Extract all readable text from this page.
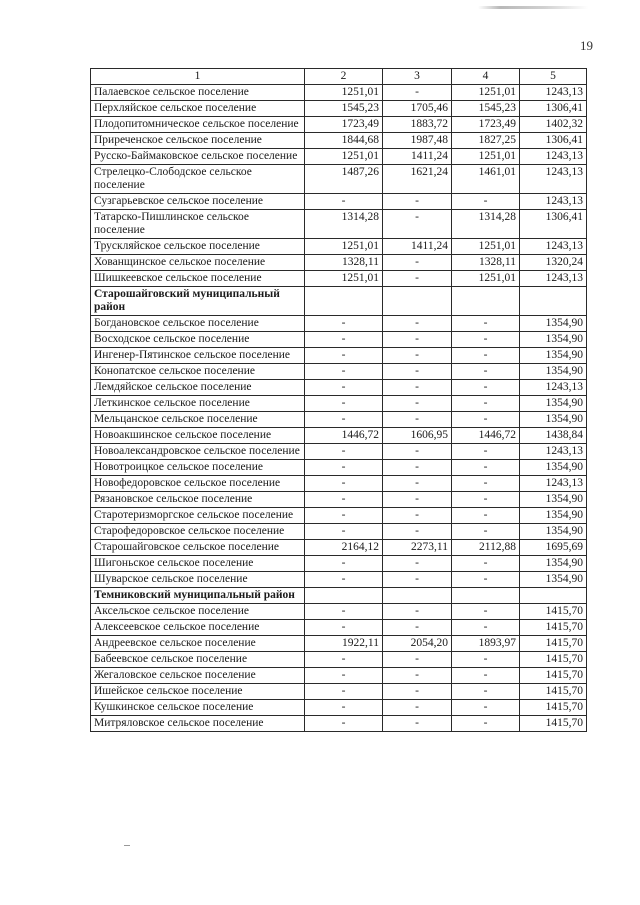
19
1	2	3	4	5
Палаевское сельское поселение	1251,01	-	1251,01	1243,13
Перхляйское сельское поселение	1545,23	1705,46	1545,23	1306,41
Плодопитомническое сельское поселение	1723,49	1883,72	1723,49	1402,32
Приреченское сельское поселение	1844,68	1987,48	1827,25	1306,41
Русско-Баймаковское сельское поселение	1251,01	1411,24	1251,01	1243,13
Стрелецко-Слободское сельское поселение	1487,26	1621,24	1461,01	1243,13
Сузгарьевское сельское поселение	-	-	-	1243,13
Татарско-Пишлинское сельское поселение	1314,28	-	1314,28	1306,41
Трускляйское сельское поселение	1251,01	1411,24	1251,01	1243,13
Хованщинское сельское поселение	1328,11	-	1328,11	1320,24
Шишкеевское сельское поселение	1251,01	-	1251,01	1243,13
Старошайговский муниципальный район				
Богдановское сельское поселение	-	-	-	1354,90
Восходское сельское поселение	-	-	-	1354,90
Ингенер-Пятинское сельское поселение	-	-	-	1354,90
Конопатское сельское поселение	-	-	-	1354,90
Лемдяйское сельское поселение	-	-	-	1243,13
Леткинское сельское поселение	-	-	-	1354,90
Мельцанское сельское поселение	-	-	-	1354,90
Новоакшинское сельское поселение	1446,72	1606,95	1446,72	1438,84
Новоалександровское сельское поселение	-	-	-	1243,13
Новотроицкое сельское поселение	-	-	-	1354,90
Новофедоровское сельское поселение	-	-	-	1243,13
Рязановское сельское поселение	-	-	-	1354,90
Старотеризморгское сельское поселение	-	-	-	1354,90
Старофедоровское сельское поселение	-	-	-	1354,90
Старошайговское сельское поселение	2164,12	2273,11	2112,88	1695,69
Шигоньское сельское поселение	-	-	-	1354,90
Шуварское сельское поселение	-	-	-	1354,90
Темниковский муниципальный район				
Аксельское сельское поселение	-	-	-	1415,70
Алексеевское сельское поселение	-	-	-	1415,70
Андреевское сельское поселение	1922,11	2054,20	1893,97	1415,70
Бабеевское сельское поселение	-	-	-	1415,70
Жегаловское сельское поселение	-	-	-	1415,70
Ишейское сельское поселение	-	-	-	1415,70
Кушкинское сельское поселение	-	-	-	1415,70
Митряловское сельское поселение	-	-	-	1415,70
